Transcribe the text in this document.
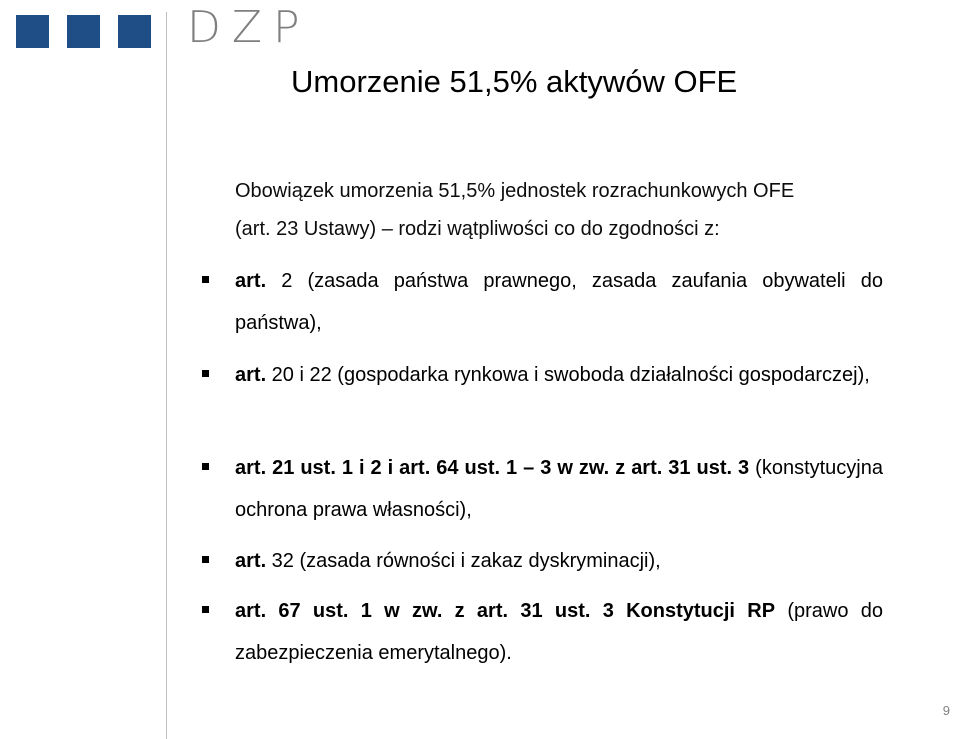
DZP
Umorzenie 51,5% aktywów OFE
Obowiązek umorzenia 51,5% jednostek rozrachunkowych OFE
(art. 23 Ustawy) – rodzi wątpliwości co do zgodności z:
art. 2 (zasada państwa prawnego, zasada zaufania obywateli do państwa),
art. 20 i 22 (gospodarka rynkowa i swoboda działalności gospodarczej),
art. 21 ust. 1 i 2 i art. 64 ust. 1 – 3 w zw. z art. 31 ust. 3 (konstytucyjna ochrona prawa własności),
art. 32 (zasada równości i zakaz dyskryminacji),
art. 67 ust. 1 w zw. z art. 31 ust. 3 Konstytucji RP (prawo do zabezpieczenia emerytalnego).
9
